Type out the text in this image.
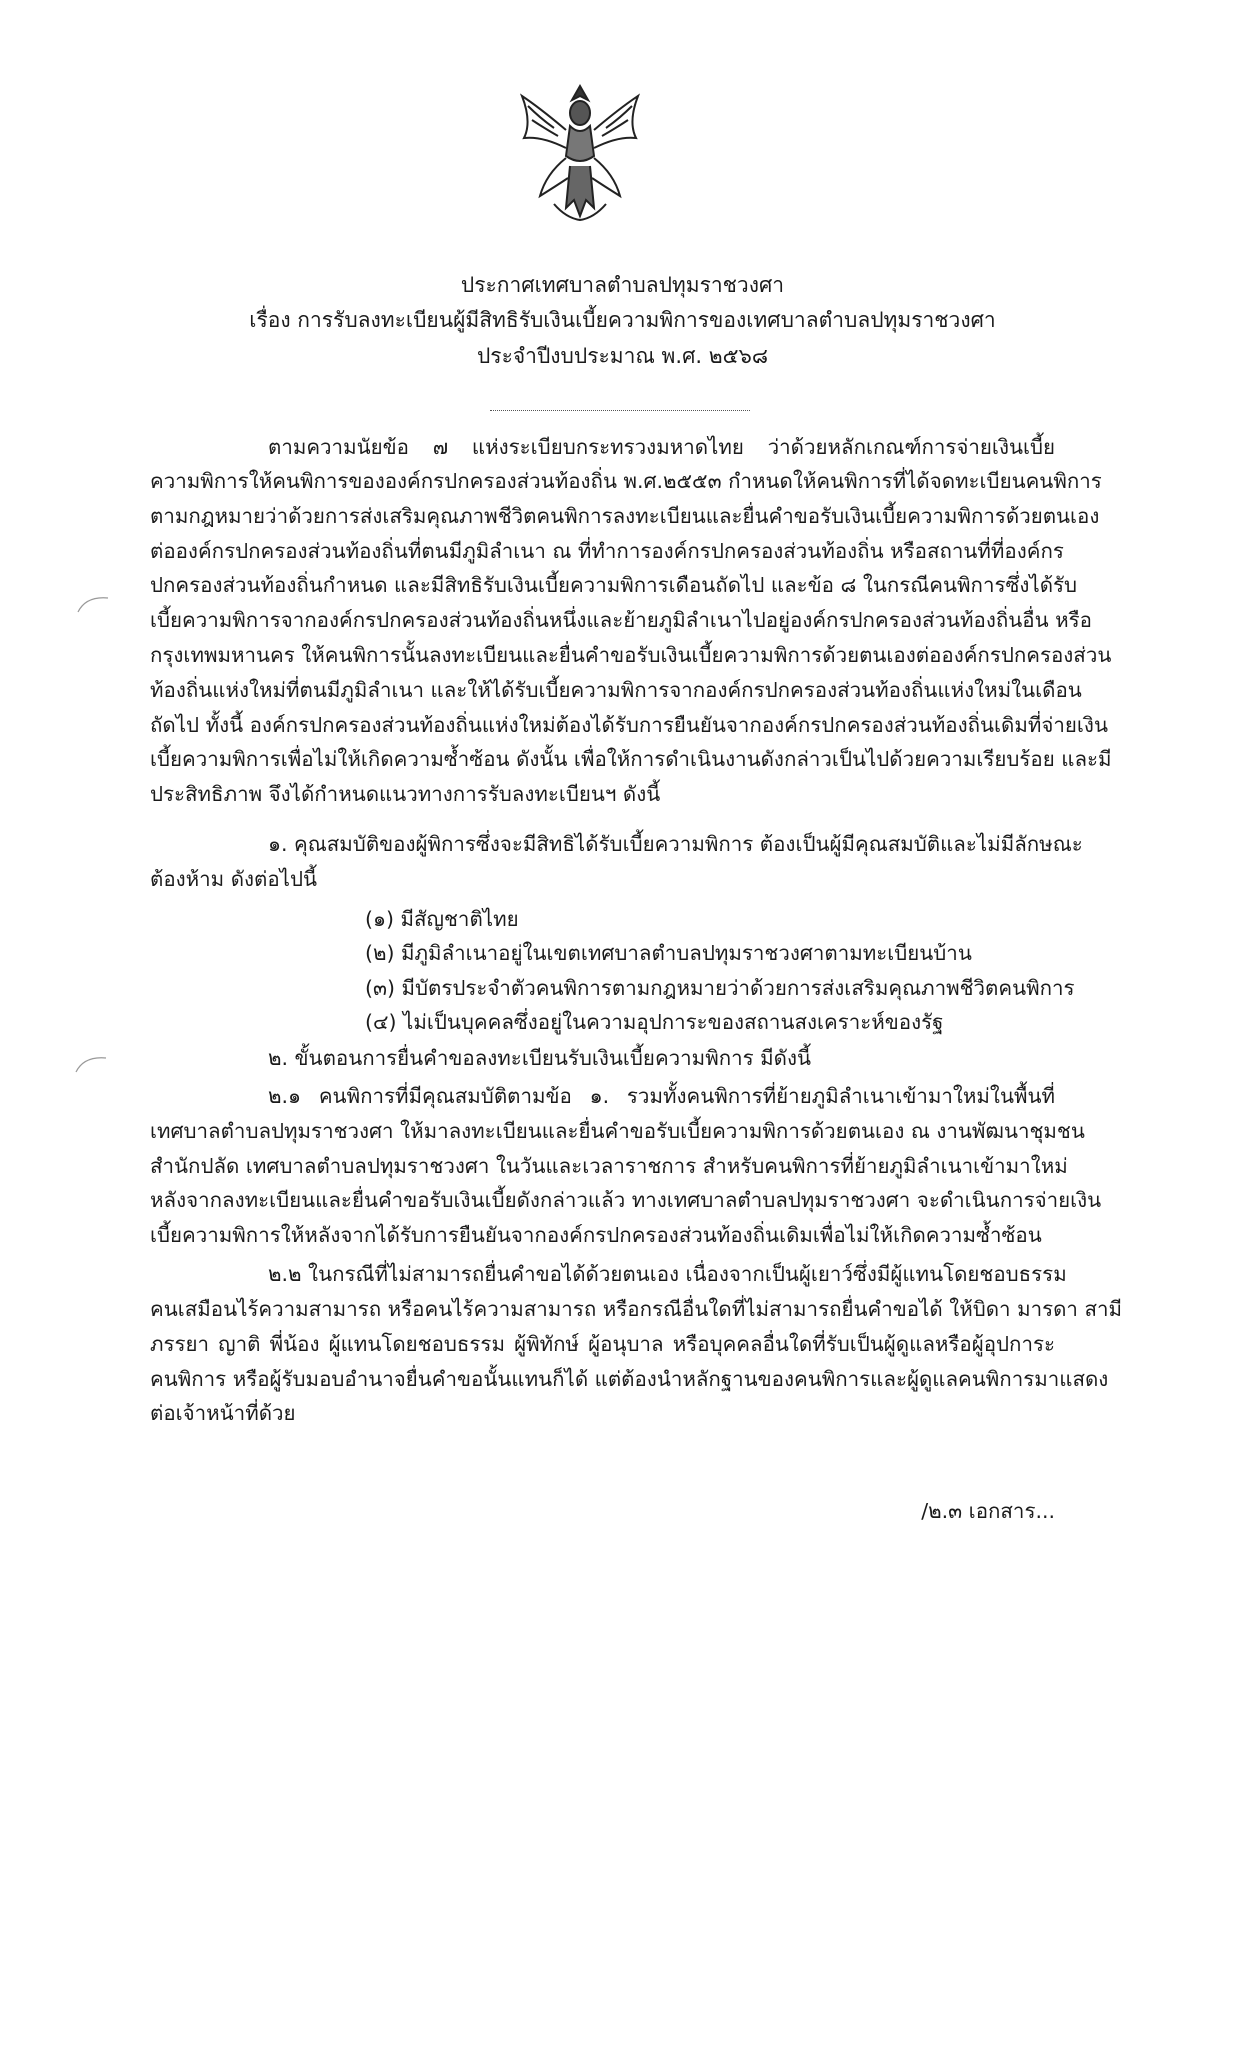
ประกาศเทศบาลตำบลปทุมราชวงศา
เรื่อง การรับลงทะเบียนผู้มีสิทธิรับเงินเบี้ยความพิการของเทศบาลตำบลปทุมราชวงศา
ประจำปีงบประมาณ พ.ศ. ๒๕๖๘
ตามความนัยข้อ ๗ แห่งระเบียบกระทรวงมหาดไทย ว่าด้วยหลักเกณฑ์การจ่ายเงินเบี้ย
ความพิการให้คนพิการขององค์กรปกครองส่วนท้องถิ่น พ.ศ.๒๕๕๓ กำหนดให้คนพิการที่ได้จดทะเบียนคนพิการ
ตามกฎหมายว่าด้วยการส่งเสริมคุณภาพชีวิตคนพิการลงทะเบียนและยื่นคำขอรับเงินเบี้ยความพิการด้วยตนเอง
ต่อองค์กรปกครองส่วนท้องถิ่นที่ตนมีภูมิลำเนา ณ ที่ทำการองค์กรปกครองส่วนท้องถิ่น หรือสถานที่ที่องค์กร
ปกครองส่วนท้องถิ่นกำหนด และมีสิทธิรับเงินเบี้ยความพิการเดือนถัดไป และข้อ ๘ ในกรณีคนพิการซึ่งได้รับ
เบี้ยความพิการจากองค์กรปกครองส่วนท้องถิ่นหนึ่งและย้ายภูมิลำเนาไปอยู่องค์กรปกครองส่วนท้องถิ่นอื่น หรือ
กรุงเทพมหานคร ให้คนพิการนั้นลงทะเบียนและยื่นคำขอรับเงินเบี้ยความพิการด้วยตนเองต่อองค์กรปกครองส่วน
ท้องถิ่นแห่งใหม่ที่ตนมีภูมิลำเนา และให้ได้รับเบี้ยความพิการจากองค์กรปกครองส่วนท้องถิ่นแห่งใหม่ในเดือน
ถัดไป ทั้งนี้ องค์กรปกครองส่วนท้องถิ่นแห่งใหม่ต้องได้รับการยืนยันจากองค์กรปกครองส่วนท้องถิ่นเดิมที่จ่ายเงิน
เบี้ยความพิการเพื่อไม่ให้เกิดความซ้ำซ้อน ดังนั้น เพื่อให้การดำเนินงานดังกล่าวเป็นไปด้วยความเรียบร้อย และมี
ประสิทธิภาพ จึงได้กำหนดแนวทางการรับลงทะเบียนฯ ดังนี้
๑. คุณสมบัติของผู้พิการซึ่งจะมีสิทธิได้รับเบี้ยความพิการ ต้องเป็นผู้มีคุณสมบัติและไม่มีลักษณะ
ต้องห้าม ดังต่อไปนี้
(๑) มีสัญชาติไทย
(๒) มีภูมิลำเนาอยู่ในเขตเทศบาลตำบลปทุมราชวงศาตามทะเบียนบ้าน
(๓) มีบัตรประจำตัวคนพิการตามกฎหมายว่าด้วยการส่งเสริมคุณภาพชีวิตคนพิการ
(๔) ไม่เป็นบุคคลซึ่งอยู่ในความอุปการะของสถานสงเคราะห์ของรัฐ
๒. ขั้นตอนการยื่นคำขอลงทะเบียนรับเงินเบี้ยความพิการ มีดังนี้
๒.๑ คนพิการที่มีคุณสมบัติตามข้อ ๑. รวมทั้งคนพิการที่ย้ายภูมิลำเนาเข้ามาใหม่ในพื้นที่
เทศบาลตำบลปทุมราชวงศา ให้มาลงทะเบียนและยื่นคำขอรับเบี้ยความพิการด้วยตนเอง ณ งานพัฒนาชุมชน
สำนักปลัด เทศบาลตำบลปทุมราชวงศา ในวันและเวลาราชการ สำหรับคนพิการที่ย้ายภูมิลำเนาเข้ามาใหม่
หลังจากลงทะเบียนและยื่นคำขอรับเงินเบี้ยดังกล่าวแล้ว ทางเทศบาลตำบลปทุมราชวงศา จะดำเนินการจ่ายเงิน
เบี้ยความพิการให้หลังจากได้รับการยืนยันจากองค์กรปกครองส่วนท้องถิ่นเดิมเพื่อไม่ให้เกิดความซ้ำซ้อน
๒.๒ ในกรณีที่ไม่สามารถยื่นคำขอได้ด้วยตนเอง เนื่องจากเป็นผู้เยาว์ซึ่งมีผู้แทนโดยชอบธรรม
คนเสมือนไร้ความสามารถ หรือคนไร้ความสามารถ หรือกรณีอื่นใดที่ไม่สามารถยื่นคำขอได้ ให้บิดา มารดา สามี
ภรรยา ญาติ พี่น้อง ผู้แทนโดยชอบธรรม ผู้พิทักษ์ ผู้อนุบาล หรือบุคคลอื่นใดที่รับเป็นผู้ดูแลหรือผู้อุปการะ
คนพิการ หรือผู้รับมอบอำนาจยื่นคำขอนั้นแทนก็ได้ แต่ต้องนำหลักฐานของคนพิการและผู้ดูแลคนพิการมาแสดง
ต่อเจ้าหน้าที่ด้วย
/๒.๓ เอกสาร...
